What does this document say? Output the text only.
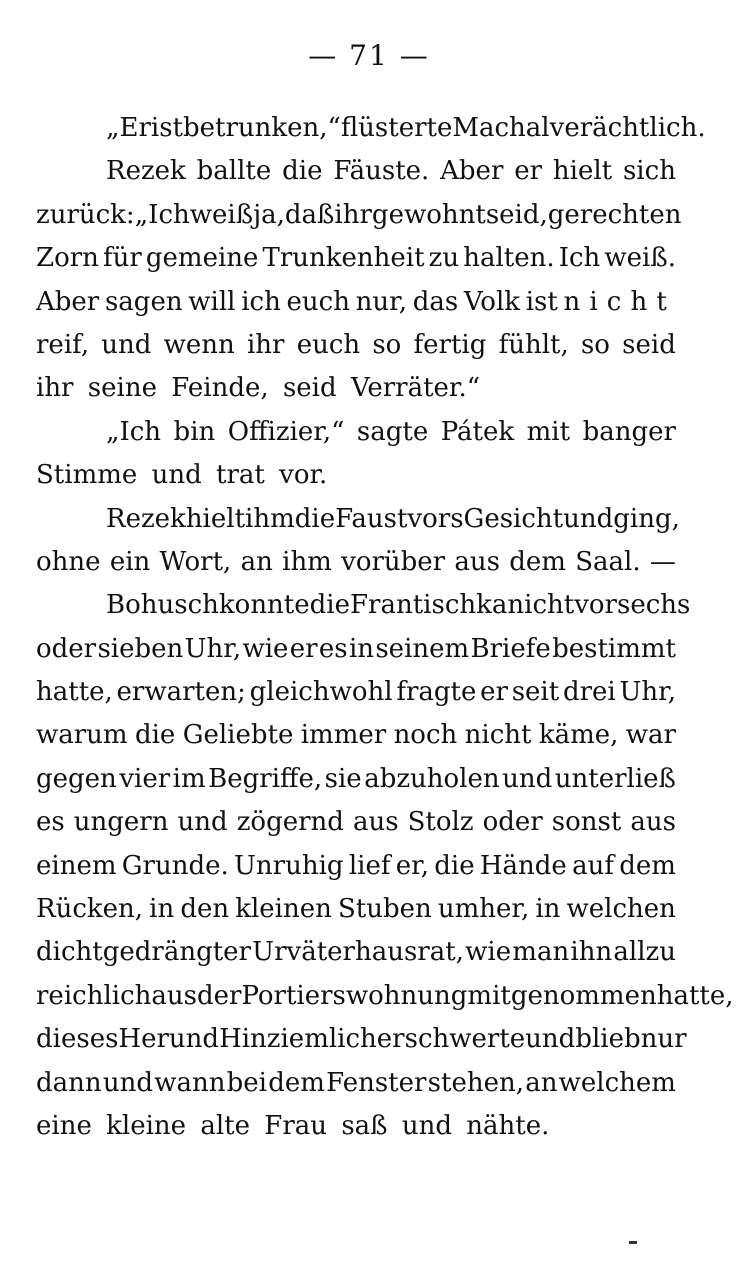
— 71 —
„Er ist betrunken,“ flüsterte Machal verächtlich.
Rezek ballte die Fäuste. Aber er hielt sich
zurück: „Ich weiß ja, daß ihr gewohnt seid, gerechten
Zorn für gemeine Trunkenheit zu halten. Ich weiß.
Aber sagen will ich euch nur, das Volk ist nicht
reif, und wenn ihr euch so fertig fühlt, so seid
ihr seine Feinde, seid Verräter.“
„Ich bin Offizier,“ sagte Pátek mit banger
Stimme und trat vor.
Rezek hielt ihm die Faust vors Gesicht und ging,
ohne ein Wort, an ihm vorüber aus dem Saal. —
Bohusch konnte die Frantischka nicht vor sechs
oder sieben Uhr, wie er es in seinem Briefe bestimmt
hatte, erwarten; gleichwohl fragte er seit drei Uhr,
warum die Geliebte immer noch nicht käme, war
gegen vier im Begriffe, sie abzuholen und unterließ
es ungern und zögernd aus Stolz oder sonst aus
einem Grunde. Unruhig lief er, die Hände auf dem
Rücken, in den kleinen Stuben umher, in welchen
dichtgedrängter Urväterhausrat, wie man ihn allzu
reichlich aus der Portierswohnung mitgenommen hatte,
dieses Her und Hin ziemlich erschwerte und blieb nur
dann und wann bei dem Fenster stehen, an welchem
eine kleine alte Frau saß und nähte.
